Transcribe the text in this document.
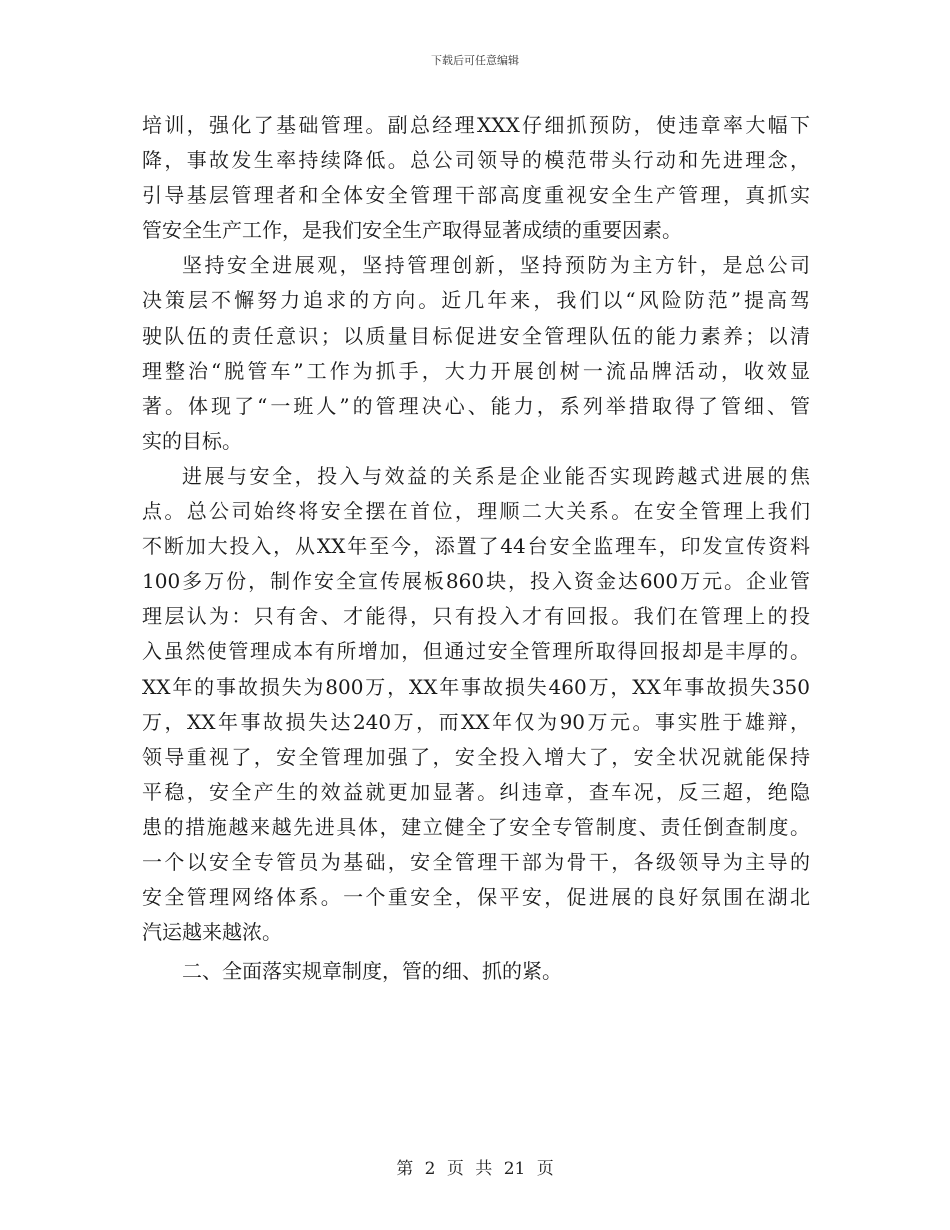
下载后可任意编辑
培训，强化了基础管理。副总经理XXX仔细抓预防，使违章率大幅下
降，事故发生率持续降低。总公司领导的模范带头行动和先进理念，
引导基层管理者和全体安全管理干部高度重视安全生产管理，真抓实
管安全生产工作，是我们安全生产取得显著成绩的重要因素。
坚持安全进展观，坚持管理创新，坚持预防为主方针，是总公司
决策层不懈努力追求的方向。近几年来，我们以“风险防范”提高驾
驶队伍的责任意识；以质量目标促进安全管理队伍的能力素养；以清
理整治“脱管车”工作为抓手，大力开展创树一流品牌活动，收效显
著。体现了“一班人”的管理决心、能力，系列举措取得了管细、管
实的目标。
进展与安全，投入与效益的关系是企业能否实现跨越式进展的焦
点。总公司始终将安全摆在首位，理顺二大关系。在安全管理上我们
不断加大投入，从XX年至今，添置了44台安全监理车，印发宣传资料
100多万份，制作安全宣传展板860块，投入资金达600万元。企业管
理层认为：只有舍、才能得，只有投入才有回报。我们在管理上的投
入虽然使管理成本有所增加，但通过安全管理所取得回报却是丰厚的。
XX年的事故损失为800万，XX年事故损失460万，XX年事故损失350
万，XX年事故损失达240万，而XX年仅为90万元。事实胜于雄辩，
领导重视了，安全管理加强了，安全投入增大了，安全状况就能保持
平稳，安全产生的效益就更加显著。纠违章，查车况，反三超，绝隐
患的措施越来越先进具体，建立健全了安全专管制度、责任倒查制度。
一个以安全专管员为基础，安全管理干部为骨干，各级领导为主导的
安全管理网络体系。一个重安全，保平安，促进展的良好氛围在湖北
汽运越来越浓。
二、全面落实规章制度，管的细、抓的紧。
第 2 页 共 21 页
